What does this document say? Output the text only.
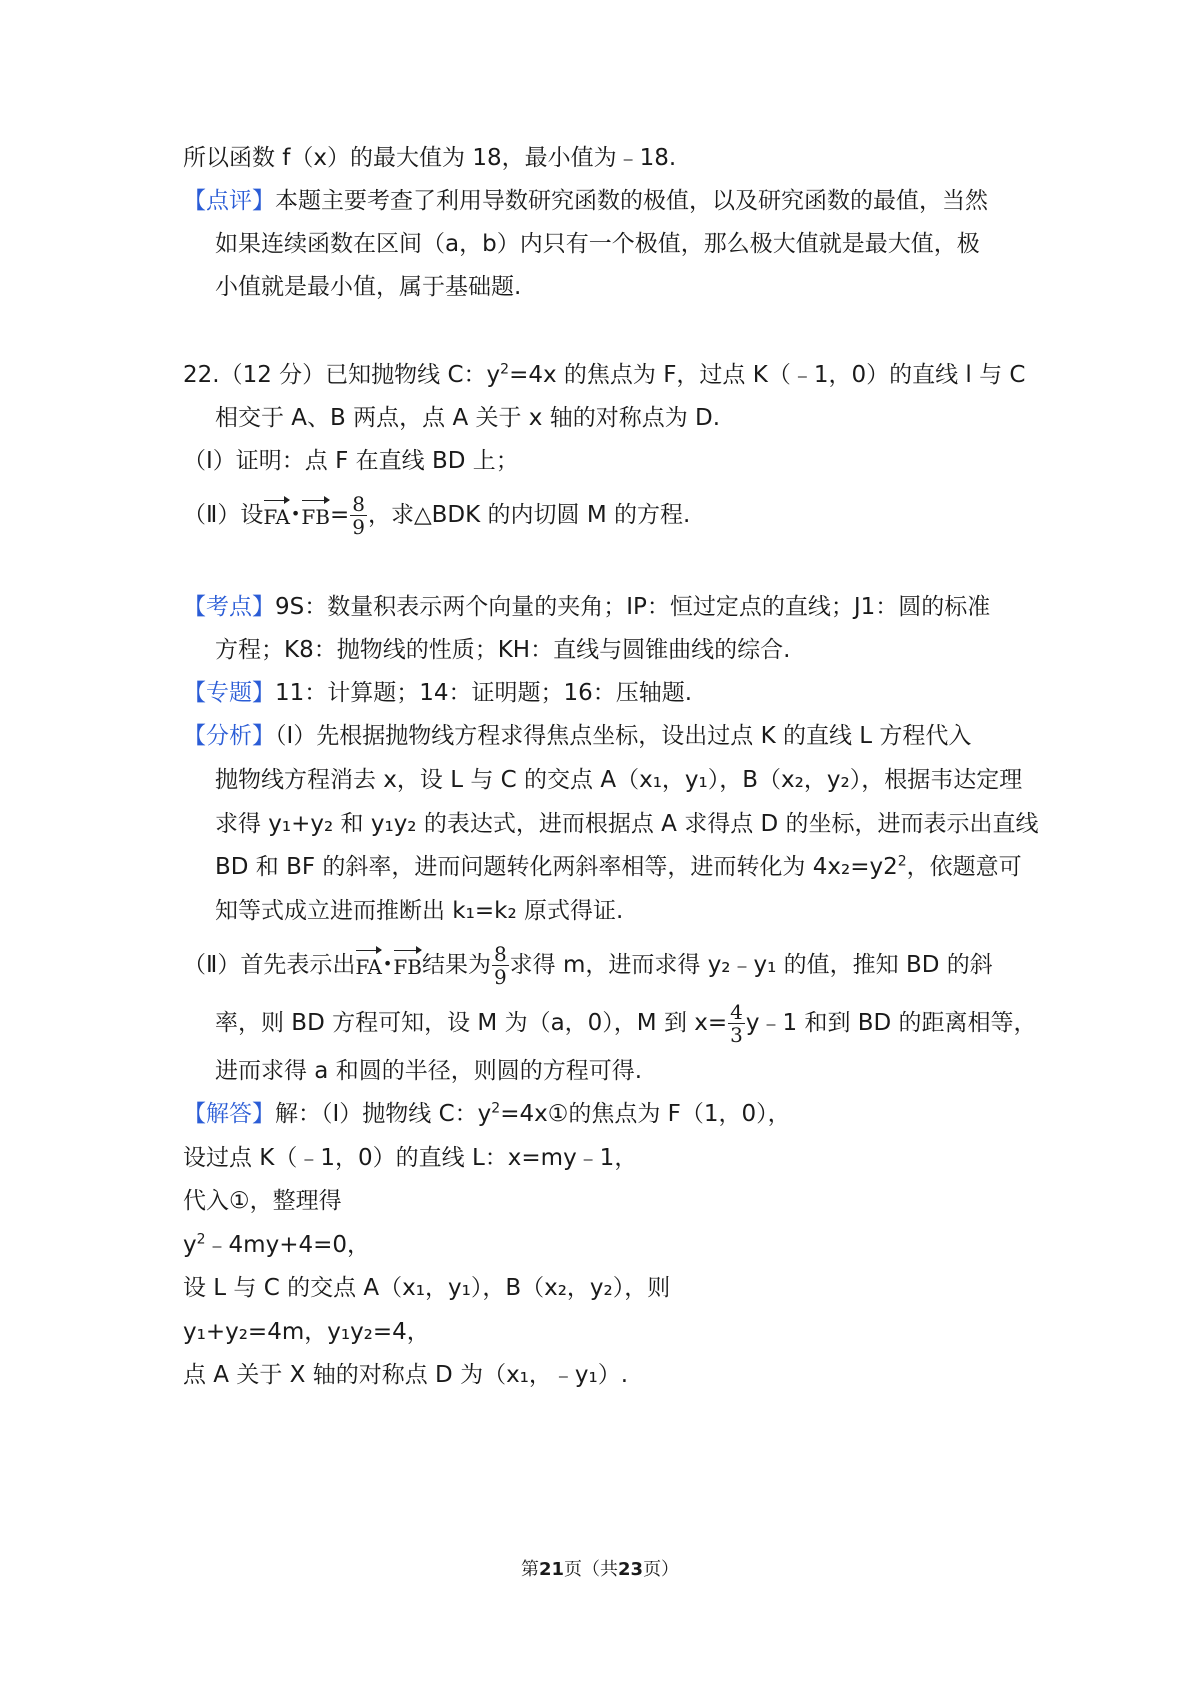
所以函数 f（x）的最大值为 18，最小值为﹣18.
【点评】本题主要考查了利用导数研究函数的极值，以及研究函数的最值，当然
如果连续函数在区间（a，b）内只有一个极值，那么极大值就是最大值，极
小值就是最小值，属于基础题.
22.（12 分）已知抛物线 C：$y^2=4x$ 的焦点为 F，过点 K（﹣1，0）的直线 l 与 C
相交于 A、B 两点，点 A 关于 x 轴的对称点为 D.
（Ⅰ）证明：点 F 在直线 BD 上；
（Ⅱ）设FA•FB= $\frac{8}{9}$ ，求△BDK 的内切圆 M 的方程.
【考点】9S：数量积表示两个向量的夹角；IP：恒过定点的直线；J1：圆的标准
方程；K8：抛物线的性质；KH：直线与圆锥曲线的综合.
【专题】11：计算题；14：证明题；16：压轴题.
【分析】（Ⅰ）先根据抛物线方程求得焦点坐标，设出过点 K 的直线 L 方程代入
抛物线方程消去 x，设 L 与 C 的交点 A（x₁，y₁），B（x₂，y₂），根据韦达定理
求得 y₁+y₂ 和 y₁y₂ 的表达式，进而根据点 A 求得点 D 的坐标，进而表示出直线
BD 和 BF 的斜率，进而问题转化两斜率相等，进而转化为 $4x_2=y2^2$，依题意可
知等式成立进而推断出 k₁=k₂ 原式得证.
（Ⅱ）首先表示出FA•FB结果为 $\frac{8}{9}$ 求得 m，进而求得 y₂﹣y₁ 的值，推知 BD 的斜
率，则 BD 方程可知，设 M 为（a，0），M 到 $x= \frac{4}{3}$ y﹣1 和到 BD 的距离相等，
进而求得 a 和圆的半径，则圆的方程可得.
【解答】解：（Ⅰ）抛物线 C：$y^2=4x①$的焦点为 F（1，0），
设过点 K（﹣1，0）的直线 L：x=my﹣1，
代入①，整理得
$y^2﹣4my+4=0$，
设 L 与 C 的交点 A（x₁，y₁），B（x₂，y₂），则
y₁+y₂=4m，y₁y₂=4，
点 A 关于 X 轴的对称点 D 为（x₁，﹣y₁）.
第21页（共23页）
